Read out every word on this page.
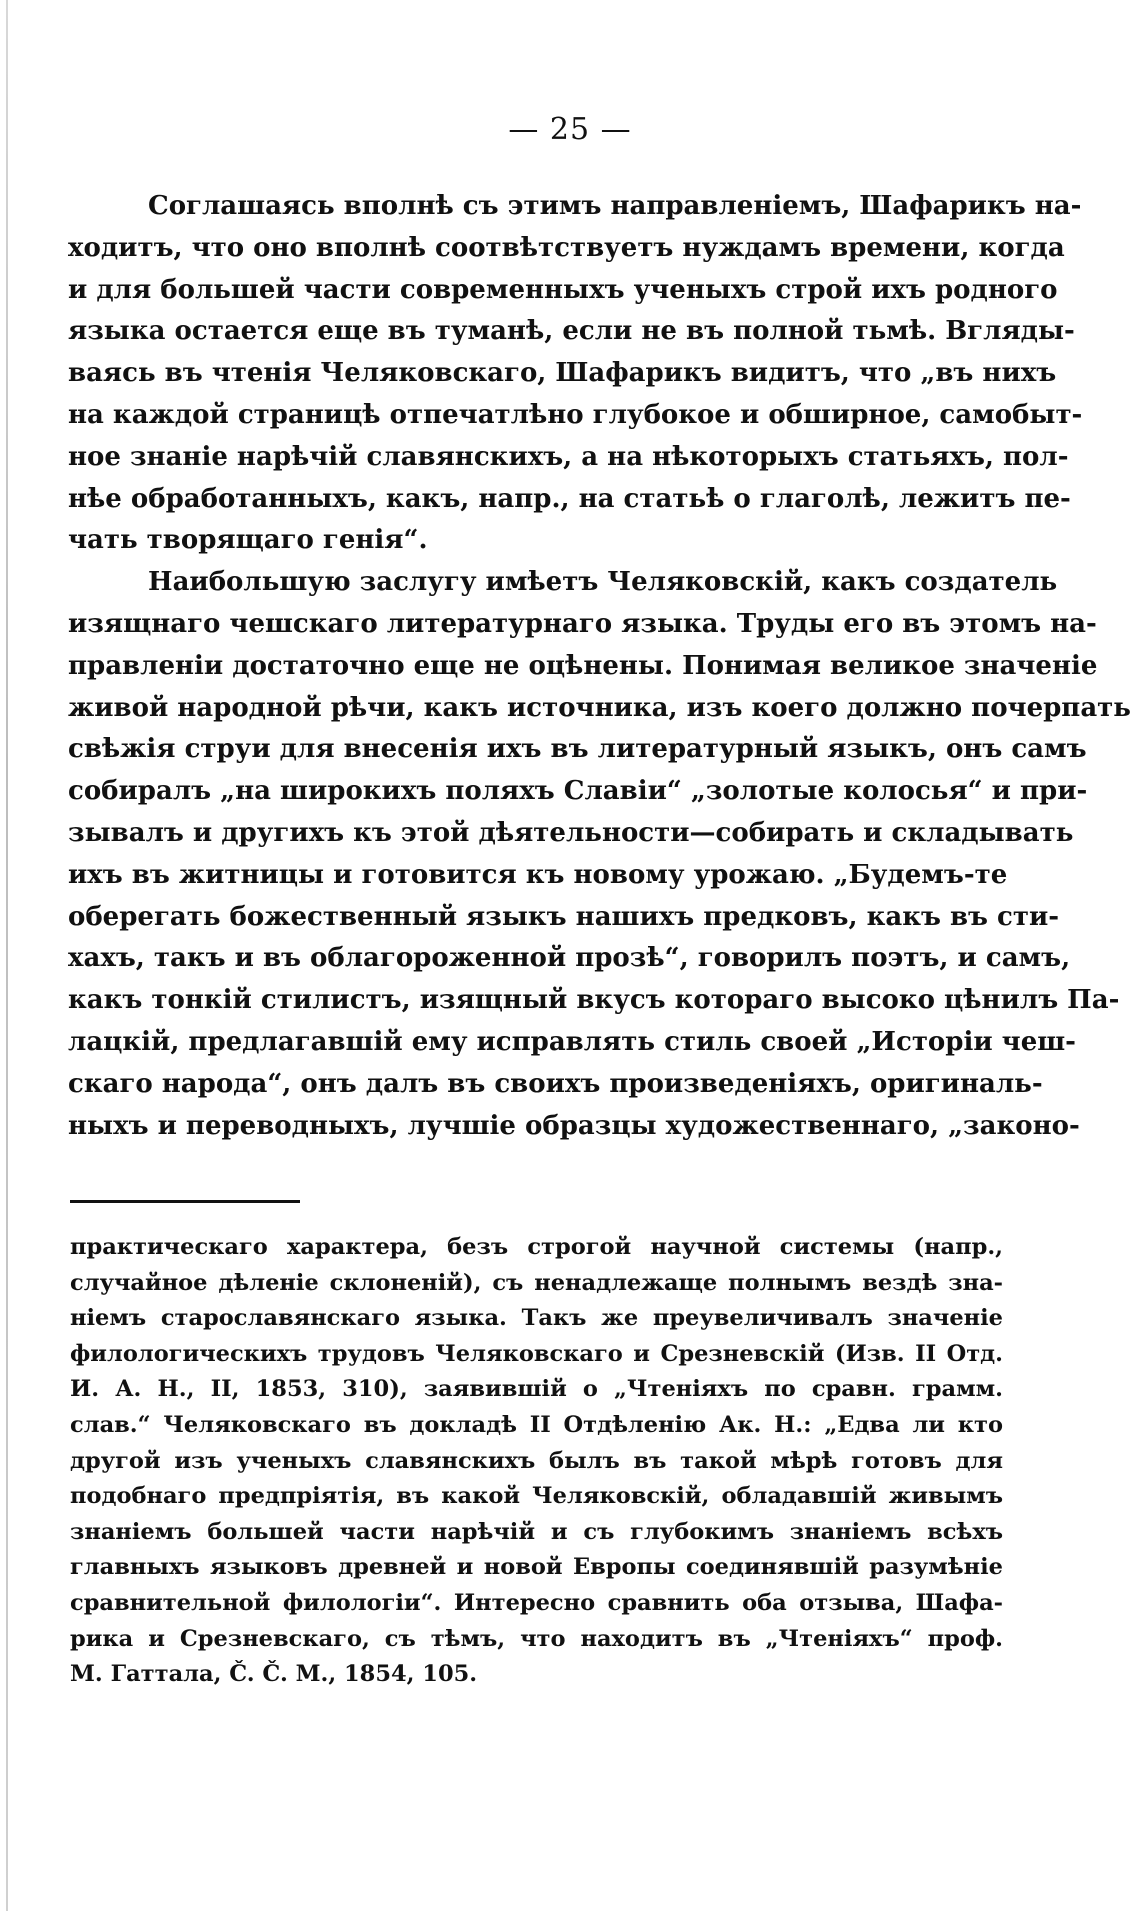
— 25 —

Соглашаясь вполнѣ съ этимъ направленіемъ, Шафарикъ на-
ходитъ, что оно вполнѣ соотвѣтствуетъ нуждамъ времени, когда
и для большей части современныхъ ученыхъ строй ихъ родного
языка остается еще въ туманѣ, если не въ полной тьмѣ. Вгляды-
ваясь въ чтенія Челяковскаго, Шафарикъ видитъ, что „въ нихъ
на каждой страницѣ отпечатлѣно глубокое и обширное, самобыт-
ное знаніе нарѣчій славянскихъ, а на нѣкоторыхъ статьяхъ, пол-
нѣе обработанныхъ, какъ, напр., на статьѣ о глаголѣ, лежитъ пе-
чать творящаго генія“.

Наибольшую заслугу имѣетъ Челяковскій, какъ создатель
изящнаго чешскаго литературнаго языка. Труды его въ этомъ на-
правленіи достаточно еще не оцѣнены. Понимая великое значеніе
живой народной рѣчи, какъ источника, изъ коего должно почерпать
свѣжія струи для внесенія ихъ въ литературный языкъ, онъ самъ
собиралъ „на широкихъ поляхъ Славіи“ „золотые колосья“ и при-
зывалъ и другихъ къ этой дѣятельности—собирать и складывать
ихъ въ житницы и готовится къ новому урожаю. „Будемъ-те
оберегать божественный языкъ нашихъ предковъ, какъ въ сти-
хахъ, такъ и въ облагороженной прозѣ“, говорилъ поэтъ, и самъ,
какъ тонкій стилистъ, изящный вкусъ котораго высоко цѣнилъ Па-
лацкій, предлагавшій ему исправлять стиль своей „Исторіи чеш-
скаго народа“, онъ далъ въ своихъ произведеніяхъ, оригиналь-
ныхъ и переводныхъ, лучшіе образцы художественнаго, „законо-

практическаго характера, безъ строгой научной системы (напр.,
случайное дѣленіе склоненій), съ ненадлежаще полнымъ вездѣ зна-
ніемъ старославянскаго языка. Такъ же преувеличивалъ значеніе
филологическихъ трудовъ Челяковскаго и Срезневскій (Изв. II Отд.
И. А. Н., II, 1853, 310), заявившій о „Чтеніяхъ по сравн. грамм.
слав.“ Челяковскаго въ докладѣ II Отдѣленію Ак. Н.: „Едва ли кто
другой изъ ученыхъ славянскихъ былъ въ такой мѣрѣ готовъ для
подобнаго предпріятія, въ какой Челяковскій, обладавшій живымъ
знаніемъ большей части нарѣчій и съ глубокимъ знаніемъ всѣхъ
главныхъ языковъ древней и новой Европы соединявшій разумѣніе
сравнительной филологіи“. Интересно сравнить оба отзыва, Шафа-
рика и Срезневскаго, съ тѣмъ, что находитъ въ „Чтеніяхъ“ проф.
М. Гаттала, Č. Č. M., 1854, 105.
